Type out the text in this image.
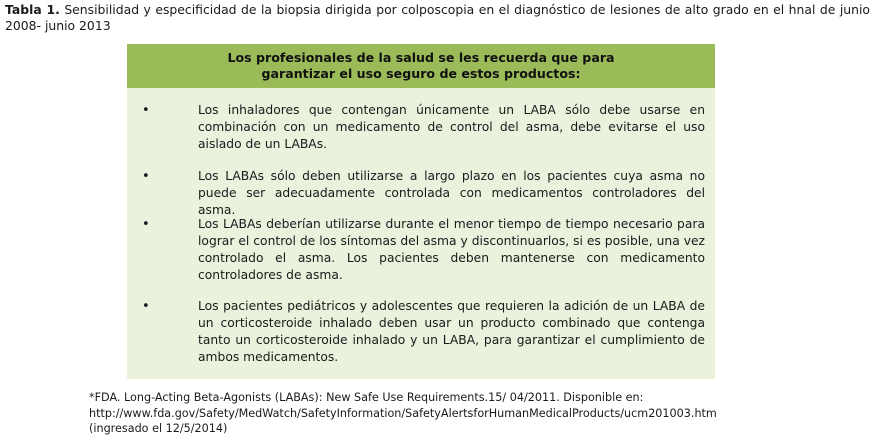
Tabla 1. Sensibilidad y especificidad de la biopsia dirigida por colposcopia en el diagnóstico de lesiones de alto grado en el hnal de junio 2008- junio 2013
Los profesionales de la salud se les recuerda que para garantizar el uso seguro de estos productos:
•	Los inhaladores que contengan únicamente un LABA sólo debe usarse en combinación con un medicamento de control del asma, debe evitarse el uso aislado de un LABAs.
•	Los LABAs sólo deben utilizarse a largo plazo en los pacientes cuya asma no puede ser adecuadamente controlada con medicamentos controladores del asma.
•	Los LABAs deberían utilizarse durante el menor tiempo de tiempo necesario para lograr el control de los síntomas del asma y discontinuarlos, si es posible, una vez controlado el asma. Los pacientes deben mantenerse con medicamento controladores de asma.
•	Los pacientes pediátricos y adolescentes que requieren la adición de un LABA de un corticosteroide inhalado deben usar un producto combinado que contenga tanto un corticosteroide inhalado y un LABA, para garantizar el cumplimiento de ambos medicamentos.
*FDA. Long-Acting Beta-Agonists (LABAs): New Safe Use Requirements.15/ 04/2011. Disponible en:
http://www.fda.gov/Safety/MedWatch/SafetyInformation/SafetyAlertsforHumanMedicalProducts/ucm201003.htm
(ingresado el 12/5/2014)
